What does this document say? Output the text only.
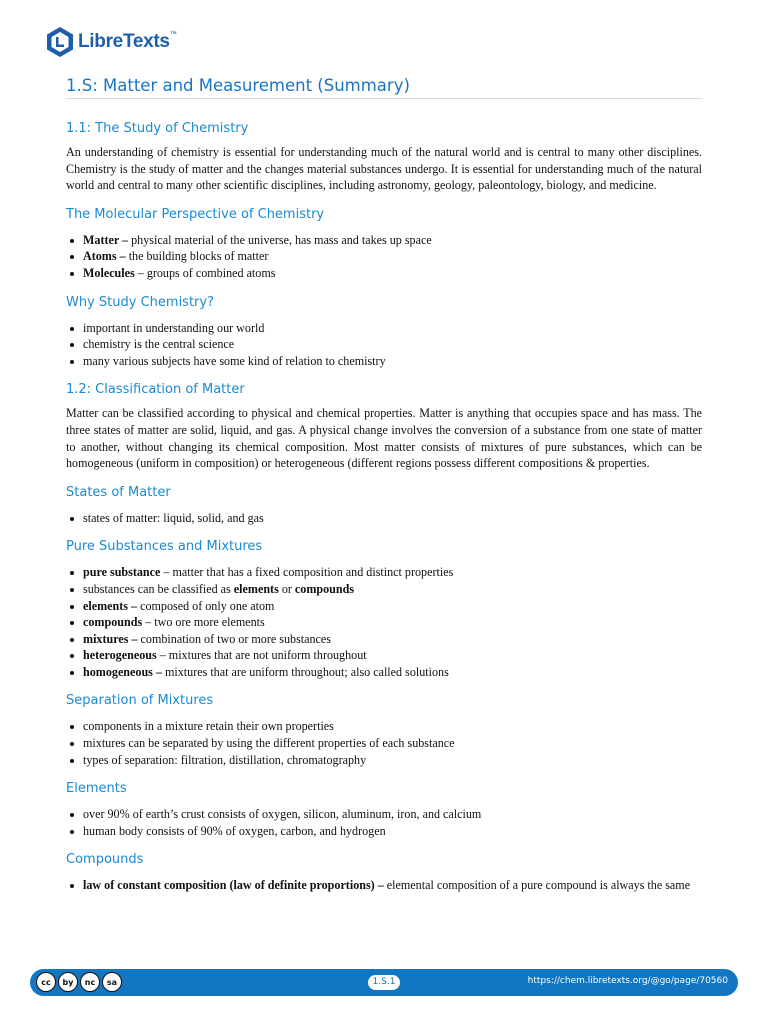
LibreTexts™
1.S: Matter and Measurement (Summary)
1.1: The Study of Chemistry

An understanding of chemistry is essential for understanding much of the natural world and is central to many other disciplines. Chemistry is the study of matter and the changes material substances undergo. It is essential for understanding much of the natural world and central to many other scientific disciplines, including astronomy, geology, paleontology, biology, and medicine.

The Molecular Perspective of Chemistry
Matter – physical material of the universe, has mass and takes up space
Atoms – the building blocks of matter
Molecules – groups of combined atoms
Why Study Chemistry?
important in understanding our world
chemistry is the central science
many various subjects have some kind of relation to chemistry
1.2: Classification of Matter

Matter can be classified according to physical and chemical properties. Matter is anything that occupies space and has mass. The three states of matter are solid, liquid, and gas. A physical change involves the conversion of a substance from one state of matter to another, without changing its chemical composition. Most matter consists of mixtures of pure substances, which can be homogeneous (uniform in composition) or heterogeneous (different regions possess different compositions & properties.

States of Matter
states of matter: liquid, solid, and gas
Pure Substances and Mixtures
pure substance – matter that has a fixed composition and distinct properties
substances can be classified as elements or compounds
elements – composed of only one atom
compounds – two ore more elements
mixtures – combination of two or more substances
heterogeneous – mixtures that are not uniform throughout
homogeneous – mixtures that are uniform throughout; also called solutions
Separation of Mixtures
components in a mixture retain their own properties
mixtures can be separated by using the different properties of each substance
types of separation: filtration, distillation, chromatography
Elements
over 90% of earth’s crust consists of oxygen, silicon, aluminum, iron, and calcium
human body consists of 90% of oxygen, carbon, and hydrogen
Compounds
law of constant composition (law of definite proportions) – elemental composition of a pure compound is always the same
cc	by	nc	sa	1.S.1	https://chem.libretexts.org/@go/page/70560
